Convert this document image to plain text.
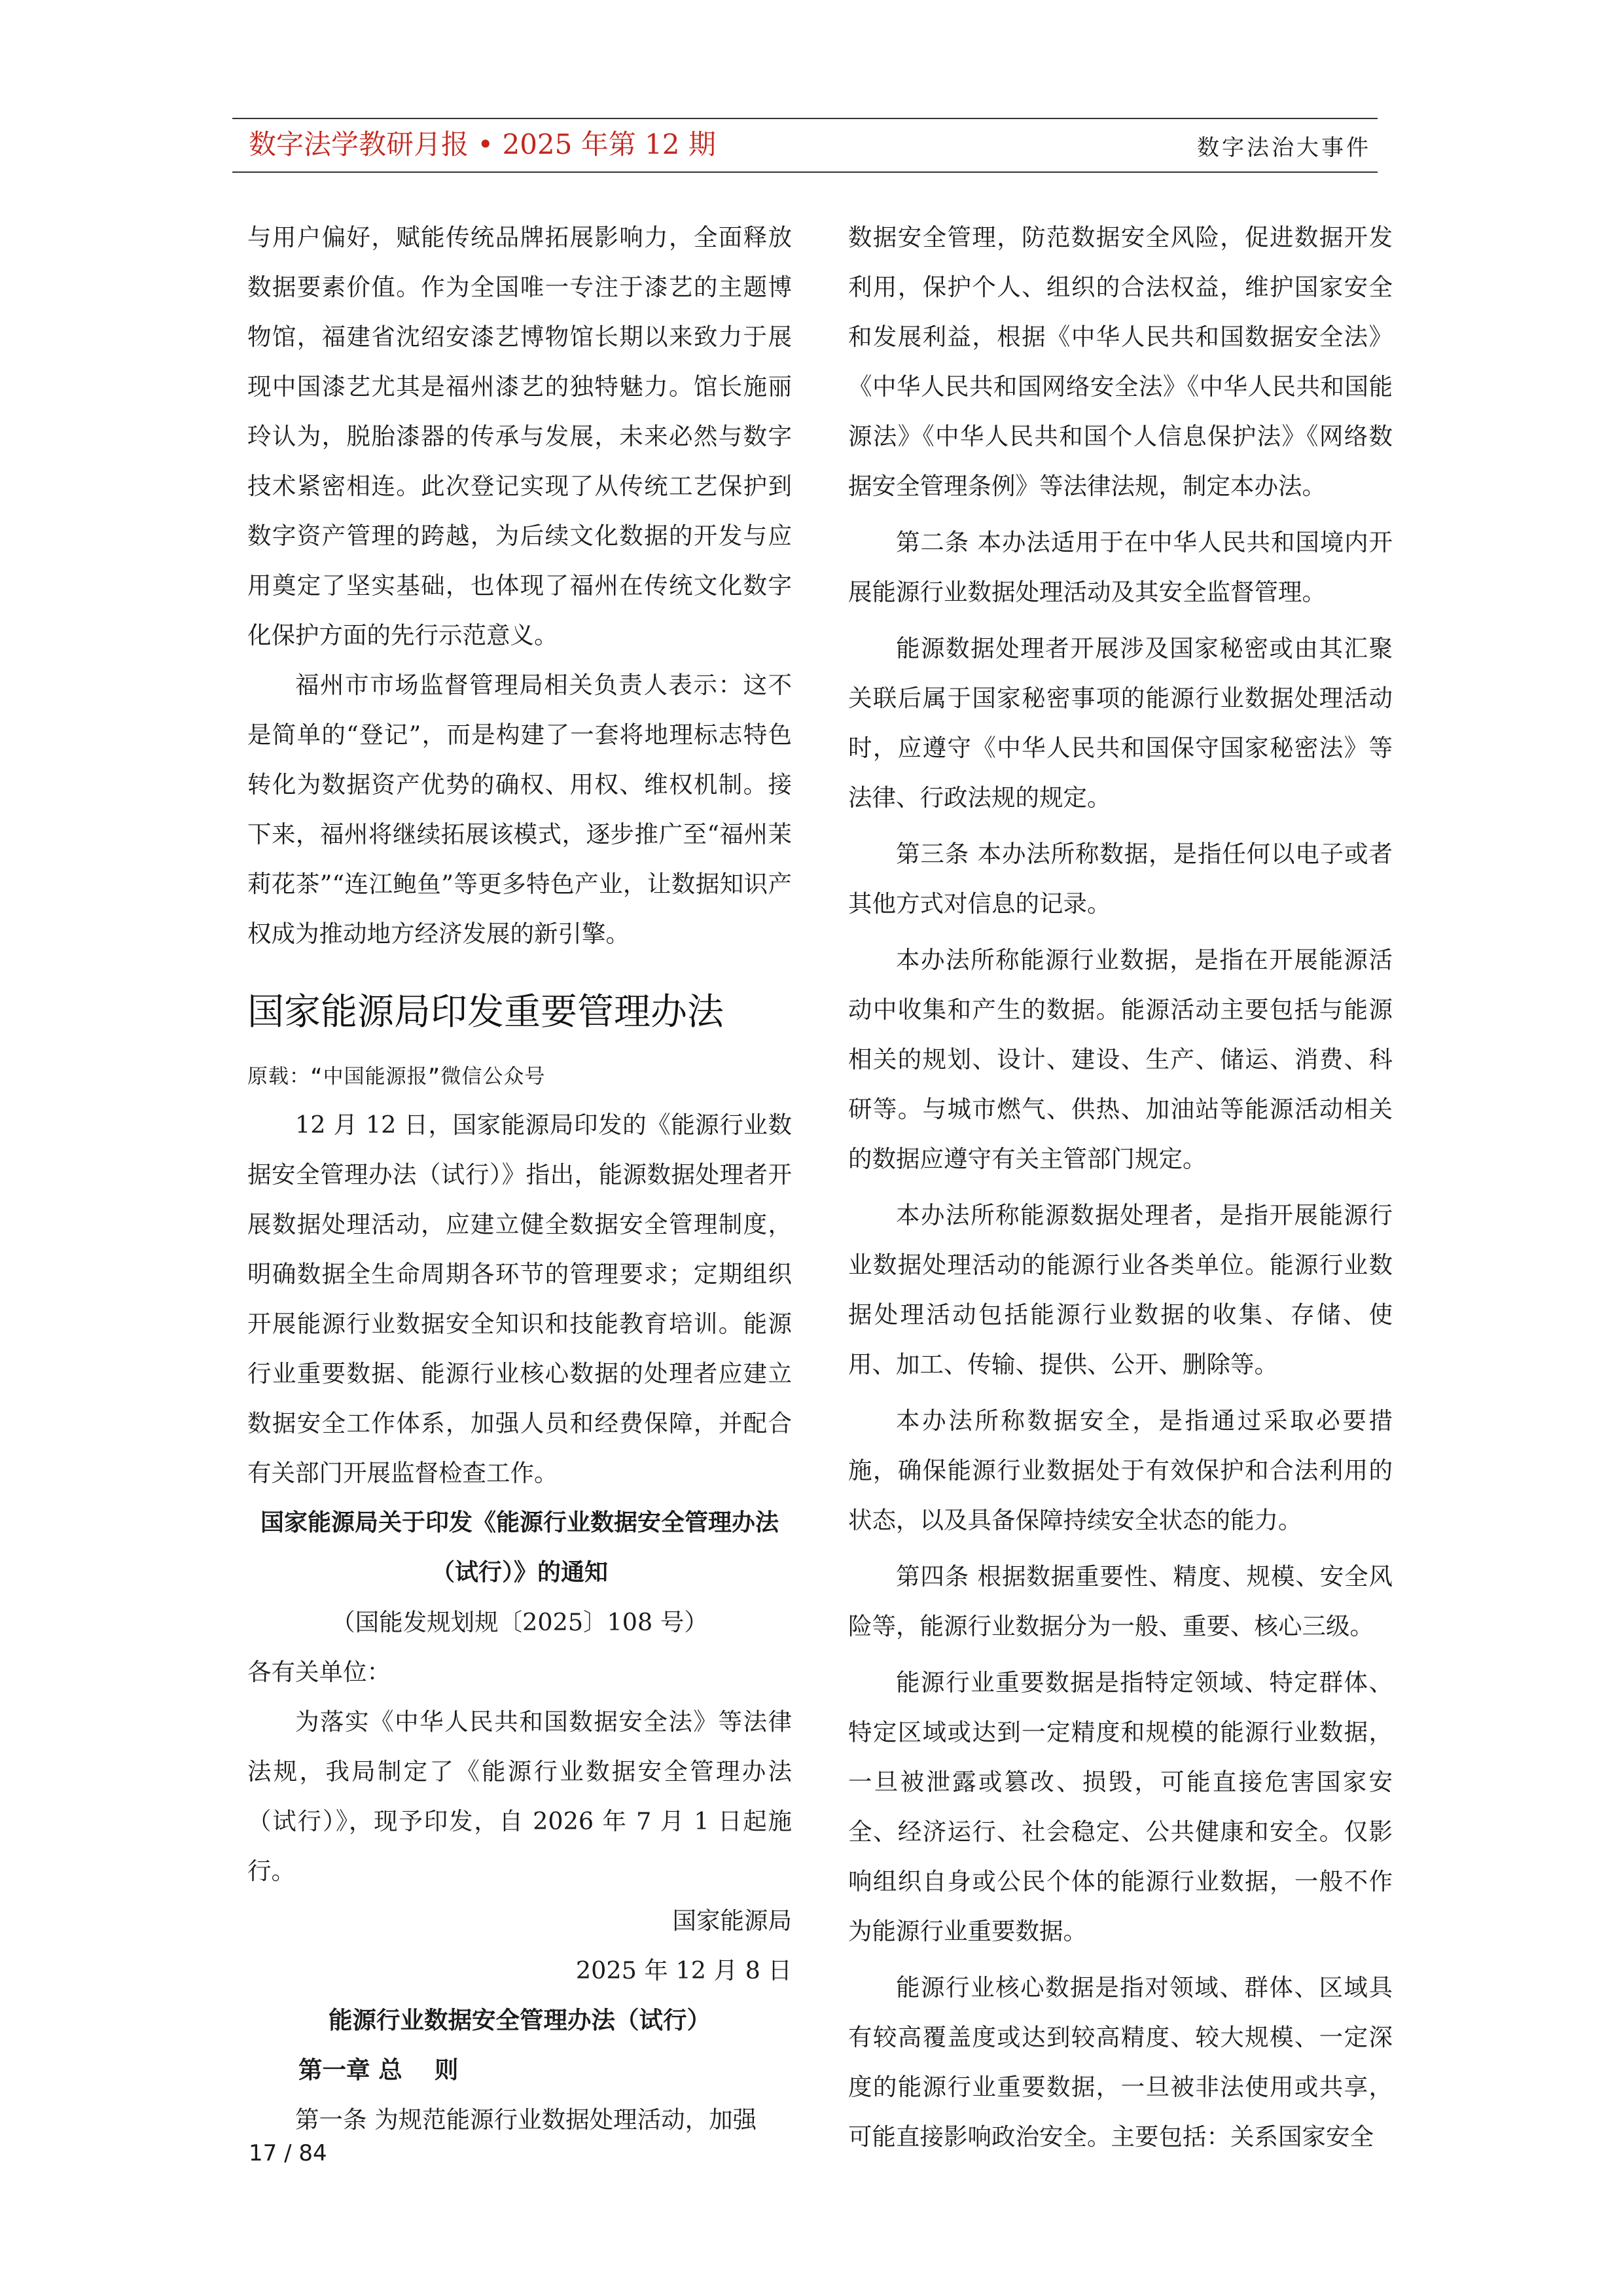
数字法学教研月报 • 2025 年第 12 期	数字法治大事件

与用户偏好，赋能传统品牌拓展影响力，全面释放数据要素价值。作为全国唯一专注于漆艺的主题博物馆，福建省沈绍安漆艺博物馆长期以来致力于展现中国漆艺尤其是福州漆艺的独特魅力。馆长施丽玲认为，脱胎漆器的传承与发展，未来必然与数字技术紧密相连。此次登记实现了从传统工艺保护到数字资产管理的跨越，为后续文化数据的开发与应用奠定了坚实基础，也体现了福州在传统文化数字化保护方面的先行示范意义。

福州市市场监督管理局相关负责人表示：这不是简单的“登记”，而是构建了一套将地理标志特色转化为数据资产优势的确权、用权、维权机制。接下来，福州将继续拓展该模式，逐步推广至“福州茉莉花茶”“连江鲍鱼”等更多特色产业，让数据知识产权成为推动地方经济发展的新引擎。

国家能源局印发重要管理办法
原载：“中国能源报”微信公众号

12 月 12 日，国家能源局印发的《能源行业数据安全管理办法（试行）》指出，能源数据处理者开展数据处理活动，应建立健全数据安全管理制度，明确数据全生命周期各环节的管理要求；定期组织开展能源行业数据安全知识和技能教育培训。能源行业重要数据、能源行业核心数据的处理者应建立数据安全工作体系，加强人员和经费保障，并配合有关部门开展监督检查工作。

国家能源局关于印发《能源行业数据安全管理办法

（试行）》的通知

（国能发规划规〔2025〕108 号）

各有关单位：

为落实《中华人民共和国数据安全法》等法律法规，我局制定了《能源行业数据安全管理办法（试行）》，现予印发，自 2026 年 7 月 1 日起施行。

国家能源局

2025 年 12 月 8 日

能源行业数据安全管理办法（试行）

第一章 总　 则

第一条 为规范能源行业数据处理活动，加强

数据安全管理，防范数据安全风险，促进数据开发利用，保护个人、组织的合法权益，维护国家安全和发展利益，根据《中华人民共和国数据安全法》《中华人民共和国网络安全法》《中华人民共和国能源法》《中华人民共和国个人信息保护法》《网络数据安全管理条例》等法律法规，制定本办法。

第二条 本办法适用于在中华人民共和国境内开展能源行业数据处理活动及其安全监督管理。

能源数据处理者开展涉及国家秘密或由其汇聚关联后属于国家秘密事项的能源行业数据处理活动时，应遵守《中华人民共和国保守国家秘密法》等法律、行政法规的规定。

第三条 本办法所称数据，是指任何以电子或者其他方式对信息的记录。

本办法所称能源行业数据，是指在开展能源活动中收集和产生的数据。能源活动主要包括与能源相关的规划、设计、建设、生产、储运、消费、科研等。与城市燃气、供热、加油站等能源活动相关的数据应遵守有关主管部门规定。

本办法所称能源数据处理者，是指开展能源行业数据处理活动的能源行业各类单位。能源行业数据处理活动包括能源行业数据的收集、存储、使用、加工、传输、提供、公开、删除等。

本办法所称数据安全，是指通过采取必要措施，确保能源行业数据处于有效保护和合法利用的状态，以及具备保障持续安全状态的能力。

第四条 根据数据重要性、精度、规模、安全风险等，能源行业数据分为一般、重要、核心三级。

能源行业重要数据是指特定领域、特定群体、特定区域或达到一定精度和规模的能源行业数据，一旦被泄露或篡改、损毁，可能直接危害国家安全、经济运行、社会稳定、公共健康和安全。仅影响组织自身或公民个体的能源行业数据，一般不作为能源行业重要数据。

能源行业核心数据是指对领域、群体、区域具有较高覆盖度或达到较高精度、较大规模、一定深度的能源行业重要数据，一旦被非法使用或共享，可能直接影响政治安全。主要包括：关系国家安全

17 / 84
